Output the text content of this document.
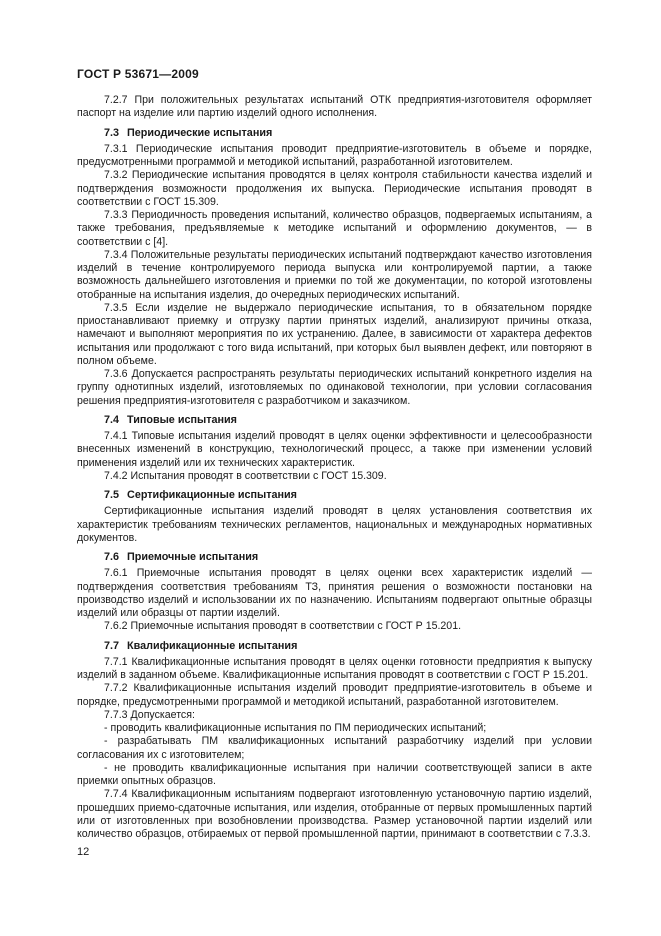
ГОСТ Р 53671—2009

7.2.7 При положительных результатах испытаний ОТК предприятия-изготовителя оформляет паспорт на изделие или партию изделий одного исполнения.

7.3 Периодические испытания

7.3.1 Периодические испытания проводит предприятие-изготовитель в объеме и порядке, предусмотренными программой и методикой испытаний, разработанной изготовителем.

7.3.2 Периодические испытания проводятся в целях контроля стабильности качества изделий и подтверждения возможности продолжения их выпуска. Периодические испытания проводят в соответствии с ГОСТ 15.309.

7.3.3 Периодичность проведения испытаний, количество образцов, подвергаемых испытаниям, а также требования, предъявляемые к методике испытаний и оформлению документов, — в соответствии с [4].

7.3.4 Положительные результаты периодических испытаний подтверждают качество изготовления изделий в течение контролируемого периода выпуска или контролируемой партии, а также возможность дальнейшего изготовления и приемки по той же документации, по которой изготовлены отобранные на испытания изделия, до очередных периодических испытаний.

7.3.5 Если изделие не выдержало периодические испытания, то в обязательном порядке приостанавливают приемку и отгрузку партии принятых изделий, анализируют причины отказа, намечают и выполняют мероприятия по их устранению. Далее, в зависимости от характера дефектов испытания или продолжают с того вида испытаний, при которых был выявлен дефект, или повторяют в полном объеме.

7.3.6 Допускается распространять результаты периодических испытаний конкретного изделия на группу однотипных изделий, изготовляемых по одинаковой технологии, при условии согласования решения предприятия-изготовителя с разработчиком и заказчиком.

7.4 Типовые испытания

7.4.1 Типовые испытания изделий проводят в целях оценки эффективности и целесообразности внесенных изменений в конструкцию, технологический процесс, а также при изменении условий применения изделий или их технических характеристик.

7.4.2 Испытания проводят в соответствии с ГОСТ 15.309.

7.5 Сертификационные испытания

Сертификационные испытания изделий проводят в целях установления соответствия их характеристик требованиям технических регламентов, национальных и международных нормативных документов.

7.6 Приемочные испытания

7.6.1 Приемочные испытания проводят в целях оценки всех характеристик изделий — подтверждения соответствия требованиям ТЗ, принятия решения о возможности постановки на производство изделий и использовании их по назначению. Испытаниям подвергают опытные образцы изделий или образцы от партии изделий.

7.6.2 Приемочные испытания проводят в соответствии с ГОСТ Р 15.201.

7.7 Квалификационные испытания

7.7.1 Квалификационные испытания проводят в целях оценки готовности предприятия к выпуску изделий в заданном объеме. Квалификационные испытания проводят в соответствии с ГОСТ Р 15.201.

7.7.2 Квалификационные испытания изделий проводит предприятие-изготовитель в объеме и порядке, предусмотренными программой и методикой испытаний, разработанной изготовителем.

7.7.3 Допускается:

- проводить квалификационные испытания по ПМ периодических испытаний;

- разрабатывать ПМ квалификационных испытаний разработчику изделий при условии согласования их с изготовителем;

- не проводить квалификационные испытания при наличии соответствующей записи в акте приемки опытных образцов.

7.7.4 Квалификационным испытаниям подвергают изготовленную установочную партию изделий, прошедших приемо-сдаточные испытания, или изделия, отобранные от первых промышленных партий или от изготовленных при возобновлении производства. Размер установочной партии изделий или количество образцов, отбираемых от первой промышленной партии, принимают в соответствии с 7.3.3.

12
